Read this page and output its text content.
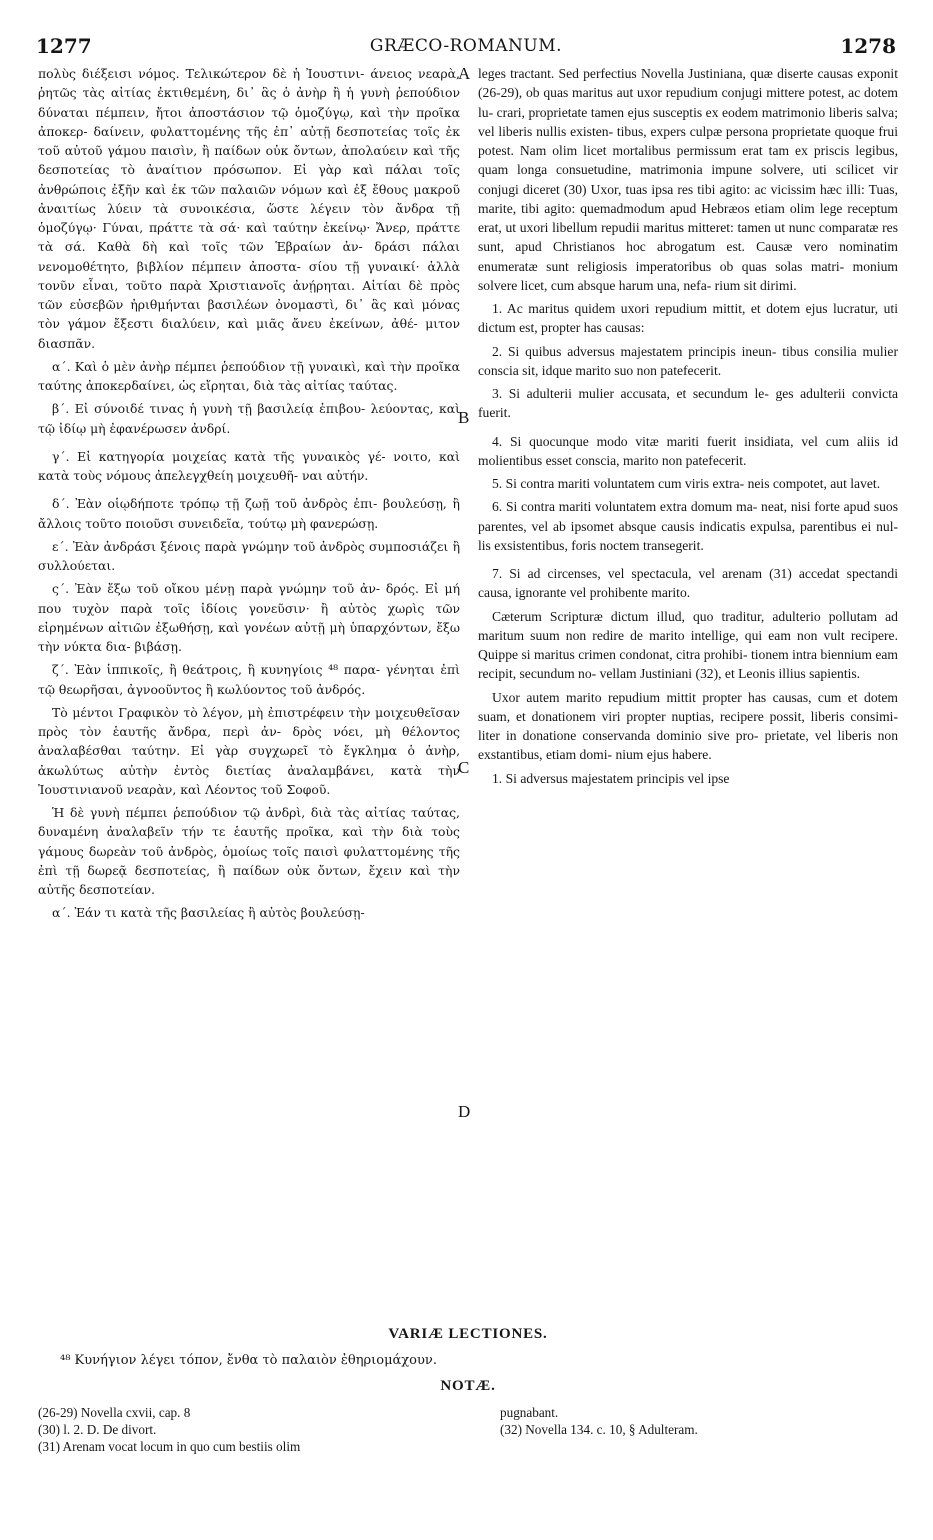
1277	GRÆCO-ROMANUM.	1278
A
B
C
D

πολὺς διέξεισι νόμος. Τελικώτερον δὲ ἡ Ἰουστινι- άνειος νεαρὰ, ῥητῶς τὰς αἰτίας ἐκτιθεμένη, δι᾽ ἃς ὁ ἀνὴρ ἢ ἡ γυνὴ ῥεπούδιον δύναται πέμπειν, ἤτοι ἀποστάσιον τῷ ὁμοζύγῳ, καὶ τὴν προῖκα ἀποκερ- δαίνειν, φυλαττομένης τῆς ἐπ᾽ αὐτῇ δεσποτείας τοῖς ἐκ τοῦ αὐτοῦ γάμου παισὶν, ἢ παίδων οὐκ ὄντων, ἀπολαύειν καὶ τῆς δεσποτείας τὸ ἀναίτιον πρόσωπον. Εἰ γὰρ καὶ πάλαι τοῖς ἀνθρώποις ἐξῆν καὶ ἐκ τῶν παλαιῶν νόμων καὶ ἐξ ἔθους μακροῦ ἀναιτίως λύειν τὰ συνοικέσια, ὥστε λέγειν τὸν ἄνδρα τῇ ὁμοζύγῳ· Γύναι, πράττε τὰ σά· καὶ ταύτην ἐκείνῳ· Ἄνερ, πράττε τὰ σά. Καθὰ δὴ καὶ τοῖς τῶν Ἑβραίων ἀν- δράσι πάλαι νενομοθέτητο, βιβλίον πέμπειν ἀποστα- σίου τῇ γυναικί· ἀλλὰ τονῦν εἶναι, τοῦτο παρὰ Χριστιανοῖς ἀνῄρηται. Αἰτίαι δὲ πρὸς τῶν εὐσεβῶν ἠριθμήνται βασιλέων ὀνομαστὶ, δι᾽ ἃς καὶ μόνας τὸν γάμον ἔξεστι διαλύειν, καὶ μιᾶς ἄνευ ἐκείνων, ἀθέ- μιτον διασπᾶν.

α΄. Καὶ ὁ μὲν ἀνὴρ πέμπει ῥεπούδιον τῇ γυναικὶ, καὶ τὴν προῖκα ταύτης ἀποκερδαίνει, ὡς εἴρηται, διὰ τὰς αἰτίας ταύτας.

β΄. Εἰ σύνοιδέ τινας ἡ γυνὴ τῇ βασιλείᾳ ἐπιβου- λεύοντας, καὶ τῷ ἰδίῳ μὴ ἐφανέρωσεν ἀνδρί.

γ΄. Εἰ κατηγορία μοιχείας κατὰ τῆς γυναικὸς γέ- νοιτο, καὶ κατὰ τοὺς νόμους ἀπελεγχθείη μοιχευθῆ- ναι αὐτήν.

δ΄. Ἐὰν οἱῳδήποτε τρόπῳ τῇ ζωῇ τοῦ ἀνδρὸς ἐπι- βουλεύσῃ, ἢ ἄλλοις τοῦτο ποιοῦσι συνειδεῖα, τούτῳ μὴ φανερώσῃ.

ε΄. Ἐὰν ἀνδράσι ξένοις παρὰ γνώμην τοῦ ἀνδρὸς συμποσιάζει ἢ συλλούεται.

ς΄. Ἐὰν ἔξω τοῦ οἴκου μένῃ παρὰ γνώμην τοῦ ἀν- δρός. Εἰ μή που τυχὸν παρὰ τοῖς ἰδίοις γονεῦσιν· ἢ αὐτὸς χωρὶς τῶν εἰρημένων αἰτιῶν ἐξωθήσῃ, καὶ γονέων αὐτῇ μὴ ὑπαρχόντων, ἔξω τὴν νύκτα δια- βιβάσῃ.

ζ΄. Ἐὰν ἱππικοῖς, ἢ θεάτροις, ἢ κυνηγίοις ⁴⁸ παρα- γένηται ἐπὶ τῷ θεωρῆσαι, ἀγνοοῦντος ἢ κωλύοντος τοῦ ἀνδρός.

Τὸ μέντοι Γραφικὸν τὸ λέγον, μὴ ἐπιστρέφειν τὴν μοιχευθεῖσαν πρὸς τὸν ἑαυτῆς ἄνδρα, περὶ ἀν- δρὸς νόει, μὴ θέλοντος ἀναλαβέσθαι ταύτην. Εἰ γὰρ συγχωρεῖ τὸ ἔγκλημα ὁ ἀνὴρ, ἀκωλύτως αὐτὴν ἐντὸς διετίας ἀναλαμβάνει, κατὰ τὴν Ἰουστινιανοῦ νεαρὰν, καὶ Λέοντος τοῦ Σοφοῦ.

Ἡ δὲ γυνὴ πέμπει ῥεπούδιον τῷ ἀνδρὶ, διὰ τὰς αἰτίας ταύτας, δυναμένη ἀναλαβεῖν τήν τε ἑαυτῆς προῖκα, καὶ τὴν διὰ τοὺς γάμους δωρεὰν τοῦ ἀνδρὸς, ὁμοίως τοῖς παισὶ φυλαττομένης τῆς ἐπὶ τῇ δωρεᾷ δεσποτείας, ἢ παίδων οὐκ ὄντων, ἔχειν καὶ τὴν αὐτῆς δεσποτείαν.

α΄. Ἐάν τι κατὰ τῆς βασιλείας ἢ αὐτὸς βουλεύσῃ-

leges tractant. Sed perfectius Novella Justiniana, quæ diserte causas exponit (26-29), ob quas maritus aut uxor repudium conjugi mittere potest, ac dotem lu- crari, proprietate tamen ejus susceptis ex eodem matrimonio liberis salva; vel liberis nullis existen- tibus, expers culpæ persona proprietate quoque frui potest. Nam olim licet mortalibus permissum erat tam ex priscis legibus, quam longa consuetudine, matrimonia impune solvere, uti scilicet vir conjugi diceret (30) Uxor, tuas ipsa res tibi agito: ac vicissim hæc illi: Tuas, marite, tibi agito: quemadmodum apud Hebræos etiam olim lege receptum erat, ut uxori libellum repudii maritus mitteret: tamen ut nunc comparatæ res sunt, apud Christianos hoc abrogatum est. Causæ vero nominatim enumeratæ sunt religiosis imperatoribus ob quas solas matri- monium solvere licet, cum absque harum una, nefa- rium sit dirimi.

1. Ac maritus quidem uxori repudium mittit, et dotem ejus lucratur, uti dictum est, propter has causas:

2. Si quibus adversus majestatem principis ineun- tibus consilia mulier conscia sit, idque marito suo non patefecerit.

3. Si adulterii mulier accusata, et secundum le- ges adulterii convicta fuerit.

4. Si quocunque modo vitæ mariti fuerit insidiata, vel cum aliis id molientibus esset conscia, marito non patefecerit.

5. Si contra mariti voluntatem cum viris extra- neis compotet, aut lavet.

6. Si contra mariti voluntatem extra domum ma- neat, nisi forte apud suos parentes, vel ab ipsomet absque causis indicatis expulsa, parentibus ei nul- lis exsistentibus, foris noctem transegerit.

7. Si ad circenses, vel spectacula, vel arenam (31) accedat spectandi causa, ignorante vel prohibente marito.

Cæterum Scripturæ dictum illud, quo traditur, adulterio pollutam ad maritum suum non redire de marito intellige, qui eam non vult recipere. Quippe si maritus crimen condonat, citra prohibi- tionem intra biennium eam recipit, secundum no- vellam Justiniani (32), et Leonis illius sapientis.

Uxor autem marito repudium mittit propter has causas, cum et dotem suam, et donationem viri propter nuptias, recipere possit, liberis consimi- liter in donatione conservanda dominio sive pro- prietate, vel liberis non exstantibus, etiam domi- nium ejus habere.

1. Si adversus majestatem principis vel ipse

VARIÆ LECTIONES.
⁴⁸ Κυνήγιον λέγει τόπον, ἔνθα τὸ παλαιὸν ἐθηριομάχουν.
NOTÆ.

(26-29) Novella cxvii, cap. 8

(30) l. 2. D. De divort.

(31) Arenam vocat locum in quo cum bestiis olim

pugnabant.

(32) Novella 134. c. 10, § Adulteram.
